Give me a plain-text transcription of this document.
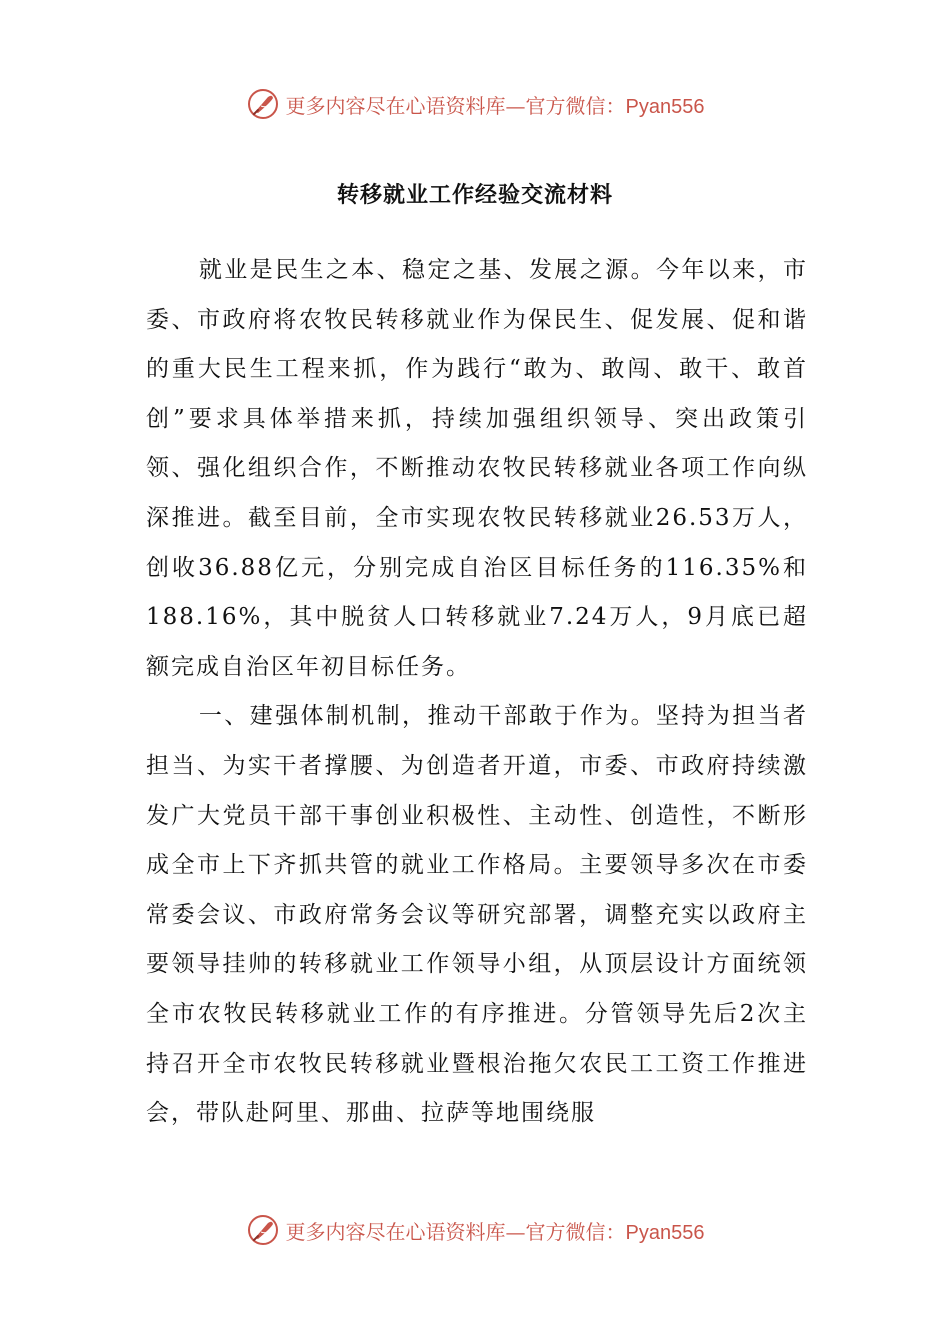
更多内容尽在心语资料库—官方微信：Pyan556
转移就业工作经验交流材料

就业是民生之本、稳定之基、发展之源。今年以来，市委、市政府将农牧民转移就业作为保民生、促发展、促和谐的重大民生工程来抓，作为践行“敢为、敢闯、敢干、敢首创”要求具体举措来抓，持续加强组织领导、突出政策引领、强化组织合作，不断推动农牧民转移就业各项工作向纵深推进。截至目前，全市实现农牧民转移就业26.53万人，创收36.88亿元，分别完成自治区目标任务的116.35%和188.16%，其中脱贫人口转移就业7.24万人，9月底已超额完成自治区年初目标任务。

一、建强体制机制，推动干部敢于作为。坚持为担当者担当、为实干者撑腰、为创造者开道，市委、市政府持续激发广大党员干部干事创业积极性、主动性、创造性，不断形成全市上下齐抓共管的就业工作格局。主要领导多次在市委常委会议、市政府常务会议等研究部署，调整充实以政府主要领导挂帅的转移就业工作领导小组，从顶层设计方面统领全市农牧民转移就业工作的有序推进。分管领导先后2次主持召开全市农牧民转移就业暨根治拖欠农民工工资工作推进会，带队赴阿里、那曲、拉萨等地围绕服

更多内容尽在心语资料库—官方微信：Pyan556
